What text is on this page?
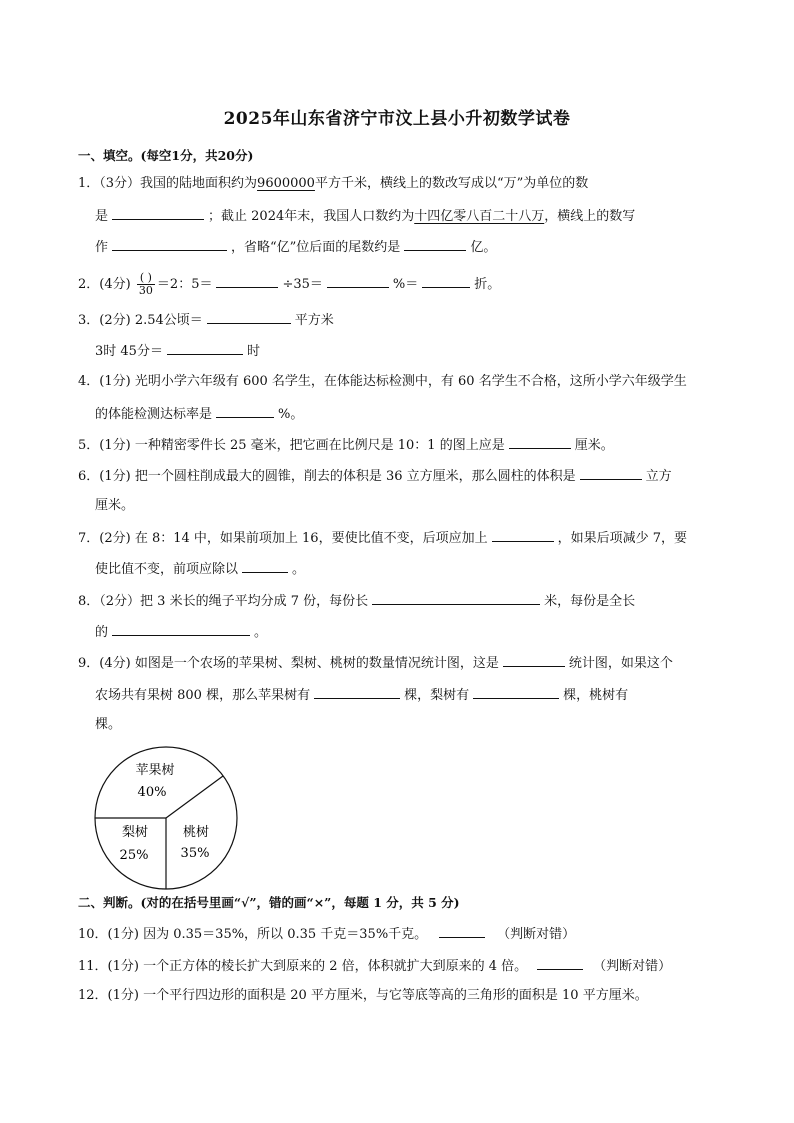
2025年山东省济宁市汶上县小升初数学试卷
一、填空。(每空1分，共20分)
1．（3分）我国的陆地面积约为9600000平方千米，横线上的数改写成以“万”为单位的数
是	；截止 2024年末，我国人口数约为十四亿零八百二十八万，横线上的数写
作	，省略“亿”位后面的尾数约是	亿。
2．(4分) $\frac{( )}{30} =2$：5＝	÷35＝	%＝	折。
3．(2分) 2.54公顷＝	平方米
3时 45分＝	时
4．(1分) 光明小学六年级有 600 名学生，在体能达标检测中，有 60 名学生不合格，这所小学六年级学生
的体能检测达标率是	%。
5．(1分) 一种精密零件长 25 毫米，把它画在比例尺是 10：1 的图上应是	厘米。
6．(1分) 把一个圆柱削成最大的圆锥，削去的体积是 36 立方厘米，那么圆柱的体积是	立方
厘米。
7．(2分) 在 8：14 中，如果前项加上 16，要使比值不变，后项应加上	，如果后项减少 7，要
使比值不变，前项应除以	。
8．（2分）把 3 米长的绳子平均分成 7 份，每份长	米，每份是全长
的	。
9．(4分) 如图是一个农场的苹果树、梨树、桃树的数量情况统计图，这是	统计图，如果这个
农场共有果树 800 棵，那么苹果树有	棵，梨树有	棵，桃树有
棵。
苹果树
40%
梨树
25%
桃树
35%
二、判断。(对的在括号里画“√”，错的画“×”，每题 1 分，共 5 分)
10．(1分) 因为 0.35＝35%，所以 0.35 千克＝35%千克。	（判断对错）
11．(1分) 一个正方体的棱长扩大到原来的 2 倍，体积就扩大到原来的 4 倍。	（判断对错）
12．(1分) 一个平行四边形的面积是 20 平方厘米，与它等底等高的三角形的面积是 10 平方厘米。
